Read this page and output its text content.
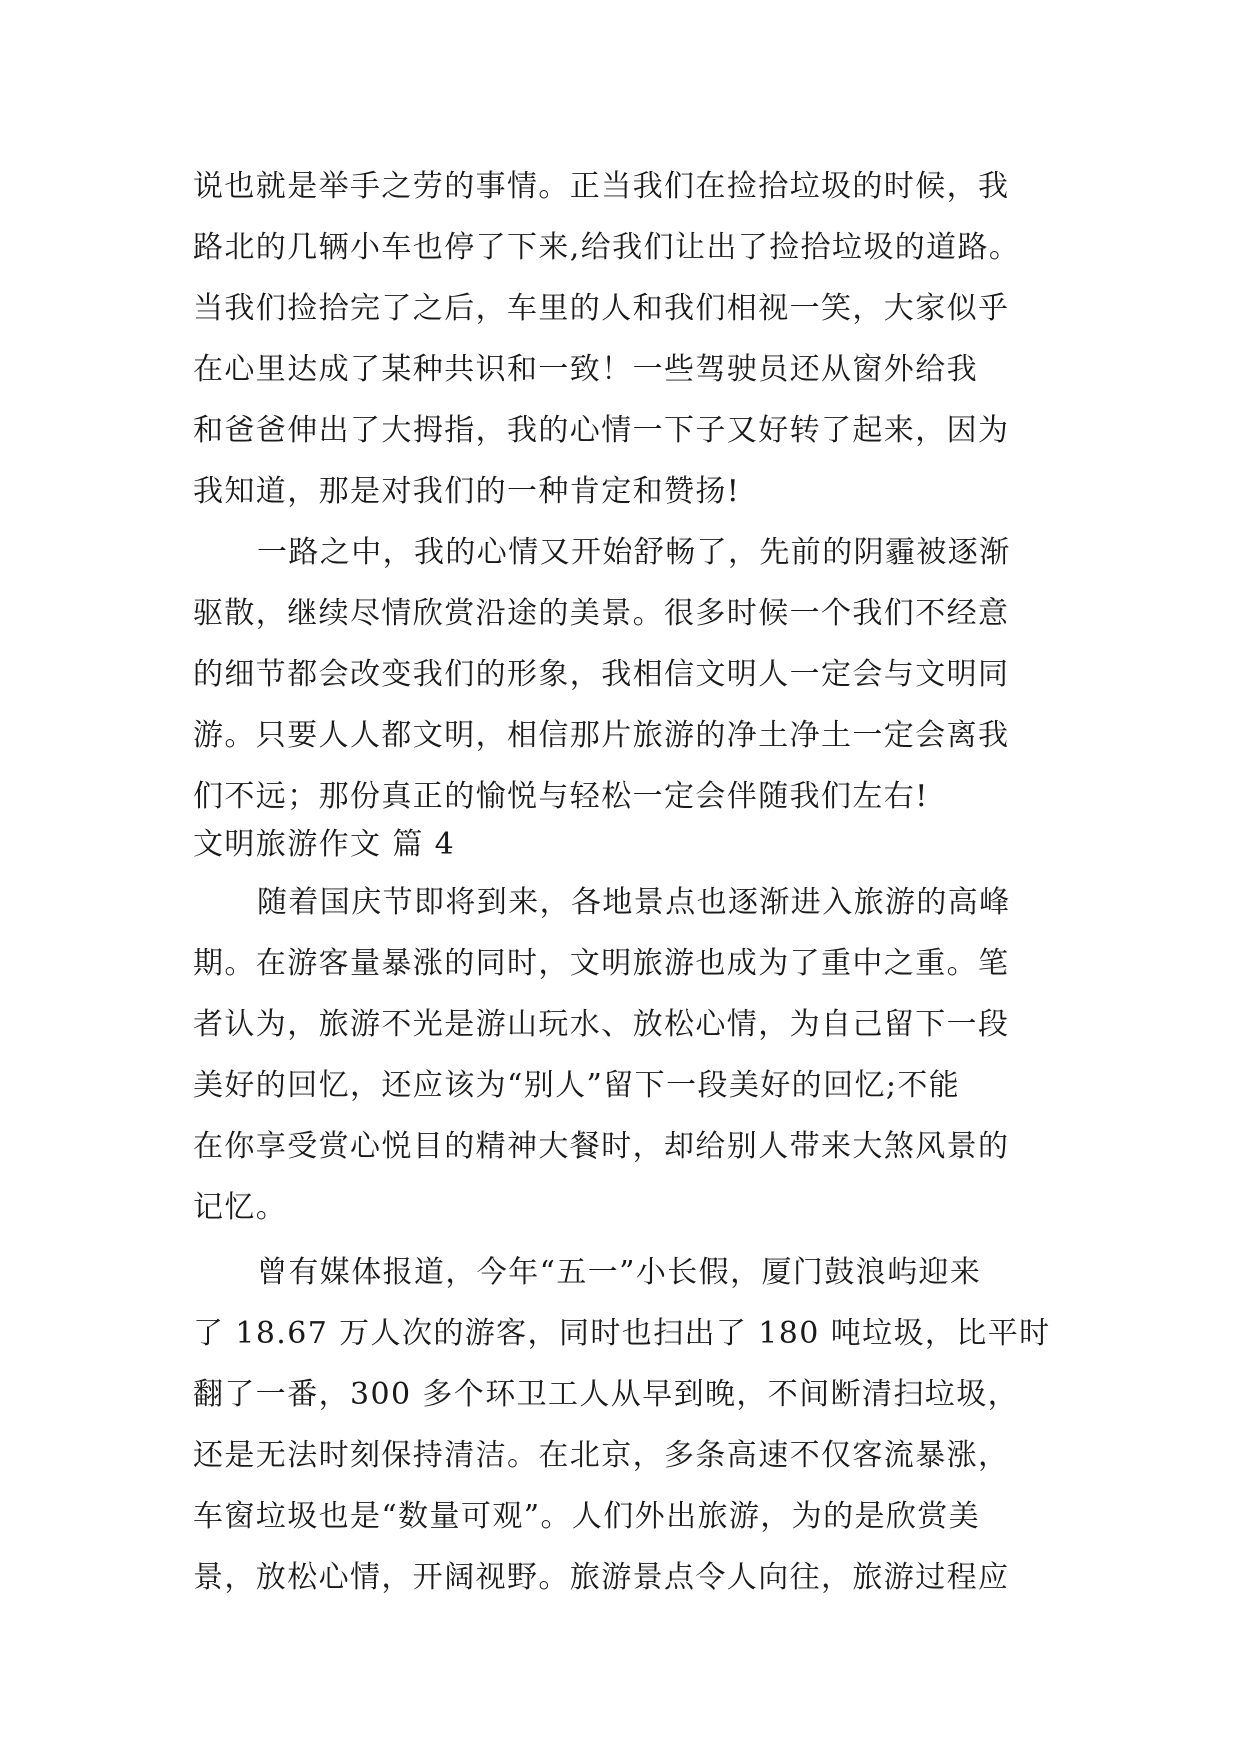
说也就是举手之劳的事情。正当我们在捡拾垃圾的时候，我
路北的几辆小车也停了下来,给我们让出了捡拾垃圾的道路。
当我们捡拾完了之后，车里的人和我们相视一笑，大家似乎
在心里达成了某种共识和一致！一些驾驶员还从窗外给我
和爸爸伸出了大拇指，我的心情一下子又好转了起来，因为
我知道，那是对我们的一种肯定和赞扬!
一路之中，我的心情又开始舒畅了，先前的阴霾被逐渐
驱散，继续尽情欣赏沿途的美景。很多时候一个我们不经意
的细节都会改变我们的形象，我相信文明人一定会与文明同
游。只要人人都文明，相信那片旅游的净土净土一定会离我
们不远；那份真正的愉悦与轻松一定会伴随我们左右!
文明旅游作文 篇 4
随着国庆节即将到来，各地景点也逐渐进入旅游的高峰
期。在游客量暴涨的同时，文明旅游也成为了重中之重。笔
者认为，旅游不光是游山玩水、放松心情，为自己留下一段
美好的回忆，还应该为“别人”留下一段美好的回忆;不能
在你享受赏心悦目的精神大餐时，却给别人带来大煞风景的
记忆。
曾有媒体报道，今年“五一”小长假，厦门鼓浪屿迎来
了 18.67 万人次的游客，同时也扫出了 180 吨垃圾，比平时
翻了一番，300 多个环卫工人从早到晚，不间断清扫垃圾，
还是无法时刻保持清洁。在北京，多条高速不仅客流暴涨，
车窗垃圾也是“数量可观”。人们外出旅游，为的是欣赏美
景，放松心情，开阔视野。旅游景点令人向往，旅游过程应
